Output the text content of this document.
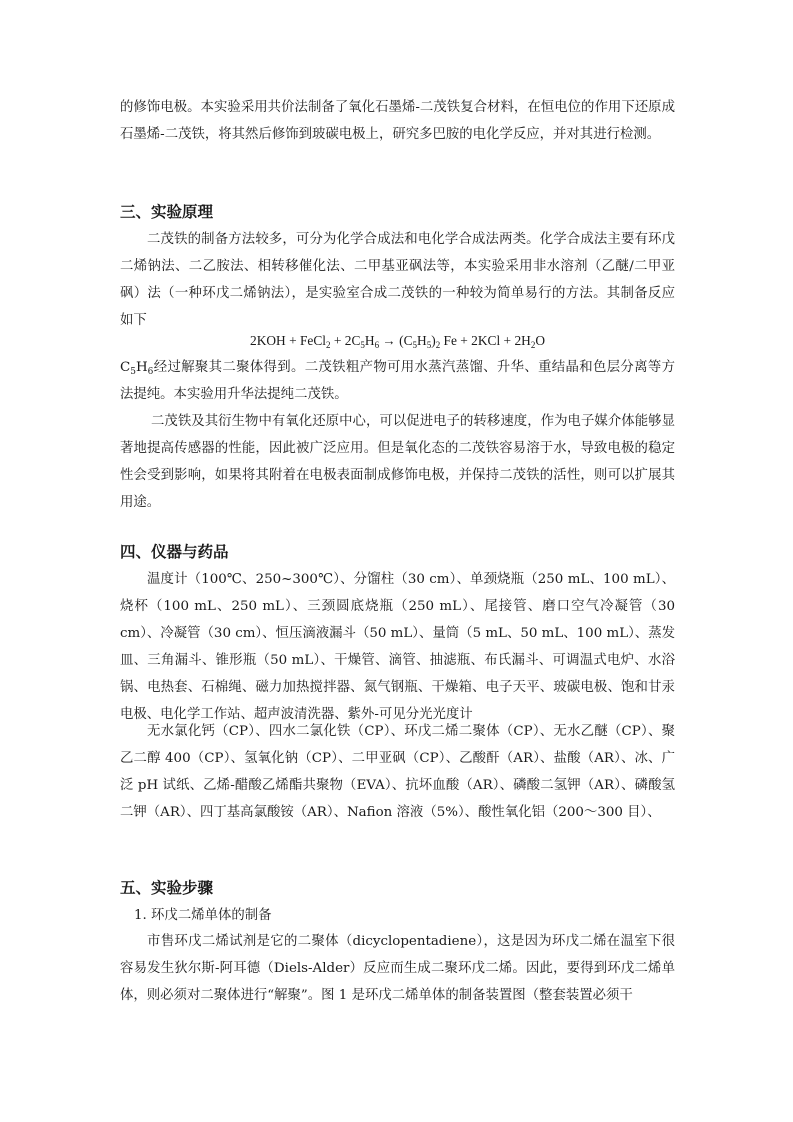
的修饰电极。本实验采用共价法制备了氧化石墨烯-二茂铁复合材料，在恒电位的作用下还原成石墨烯-二茂铁，将其然后修饰到玻碳电极上，研究多巴胺的电化学反应，并对其进行检测。

三、实验原理

二茂铁的制备方法较多，可分为化学合成法和电化学合成法两类。化学合成法主要有环戊二烯钠法、二乙胺法、相转移催化法、二甲基亚砜法等，本实验采用非水溶剂（乙醚/二甲亚砜）法（一种环戊二烯钠法），是实验室合成二茂铁的一种较为简单易行的方法。其制备反应如下

2KOH + FeCl$_2$ + $2C_5H_6 \to (C_5H_5)_2$ $Fe + 2KCl + 2H_2O$

$C_5H_6$经过解聚其二聚体得到。二茂铁粗产物可用水蒸汽蒸馏、升华、重结晶和色层分离等方法提纯。本实验用升华法提纯二茂铁。

二茂铁及其衍生物中有氧化还原中心，可以促进电子的转移速度，作为电子媒介体能够显著地提高传感器的性能，因此被广泛应用。但是氧化态的二茂铁容易溶于水，导致电极的稳定性会受到影响，如果将其附着在电极表面制成修饰电极，并保持二茂铁的活性，则可以扩展其用途。

四、仪器与药品

温度计（100℃、250~300℃）、分馏柱（30 cm）、单颈烧瓶（250 mL、100 mL）、烧杯（100 mL、250 mL）、三颈圆底烧瓶（250 mL）、尾接管、磨口空气冷凝管（30 cm）、冷凝管（30 cm）、恒压滴液漏斗（50 mL）、量筒（5 mL、50 mL、100 mL）、蒸发皿、三角漏斗、锥形瓶（50 mL）、干燥管、滴管、抽滤瓶、布氏漏斗、可调温式电炉、水浴锅、电热套、石棉绳、磁力加热搅拌器、氮气钢瓶、干燥箱、电子天平、玻碳电极、饱和甘汞电极、电化学工作站、超声波清洗器、紫外-可见分光光度计

无水氯化钙（CP）、四水二氯化铁（CP）、环戊二烯二聚体（CP）、无水乙醚（CP）、聚乙二醇 400（CP）、氢氧化钠（CP）、二甲亚砜（CP）、乙酸酐（AR）、盐酸（AR）、冰、广泛 pH 试纸、乙烯-醋酸乙烯酯共聚物（EVA）、抗坏血酸（AR）、磷酸二氢钾（AR）、磷酸氢二钾（AR）、四丁基高氯酸铵（AR）、Nafion 溶液（5%）、酸性氧化铝（200～300 目）、

五、实验步骤

1. 环戊二烯单体的制备

市售环戊二烯试剂是它的二聚体（dicyclopentadiene），这是因为环戊二烯在温室下很容易发生狄尔斯-阿耳德（Diels-Alder）反应而生成二聚环戊二烯。因此，要得到环戊二烯单体，则必须对二聚体进行“解聚”。图 1 是环戊二烯单体的制备装置图（整套装置必须干
